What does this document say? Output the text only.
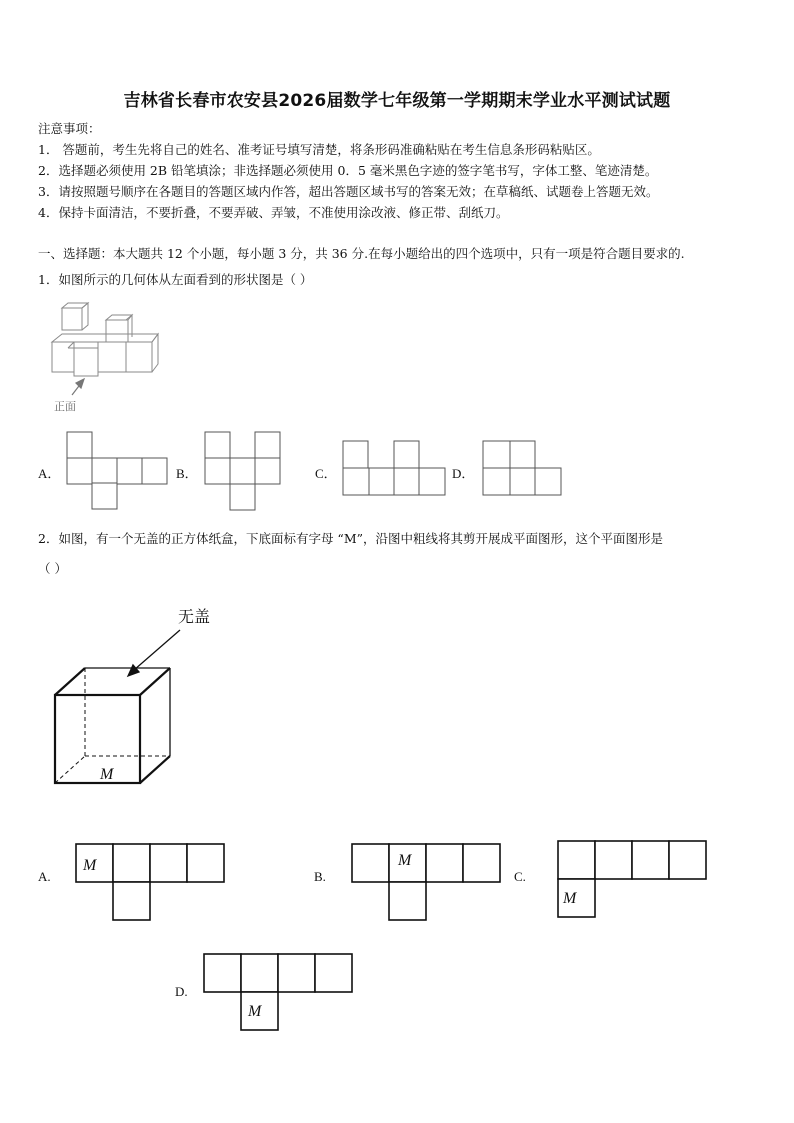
吉林省长春市农安县2026届数学七年级第一学期期末学业水平测试试题
注意事项：
1． 答题前，考生先将自己的姓名、准考证号填写清楚，将条形码准确粘贴在考生信息条形码粘贴区。
2．选择题必须使用 2B 铅笔填涂；非选择题必须使用 0．5 毫米黑色字迹的签字笔书写，字体工整、笔迹清楚。
3．请按照题号顺序在各题目的答题区域内作答，超出答题区域书写的答案无效；在草稿纸、试题卷上答题无效。
4．保持卡面清洁，不要折叠，不要弄破、弄皱，不准使用涂改液、修正带、刮纸刀。
一、选择题：本大题共 12 个小题，每小题 3 分，共 36 分.在每小题给出的四个选项中，只有一项是符合题目要求的.
1．如图所示的几何体从左面看到的形状图是（ ）
正面
A．	B．	C．	D．
2．如图，有一个无盖的正方体纸盒，下底面标有字母 “M”，沿图中粗线将其剪开展成平面图形，这个平面图形是
（ ）
无盖
M
A.
M
B.
M
C.
M
D.
M
